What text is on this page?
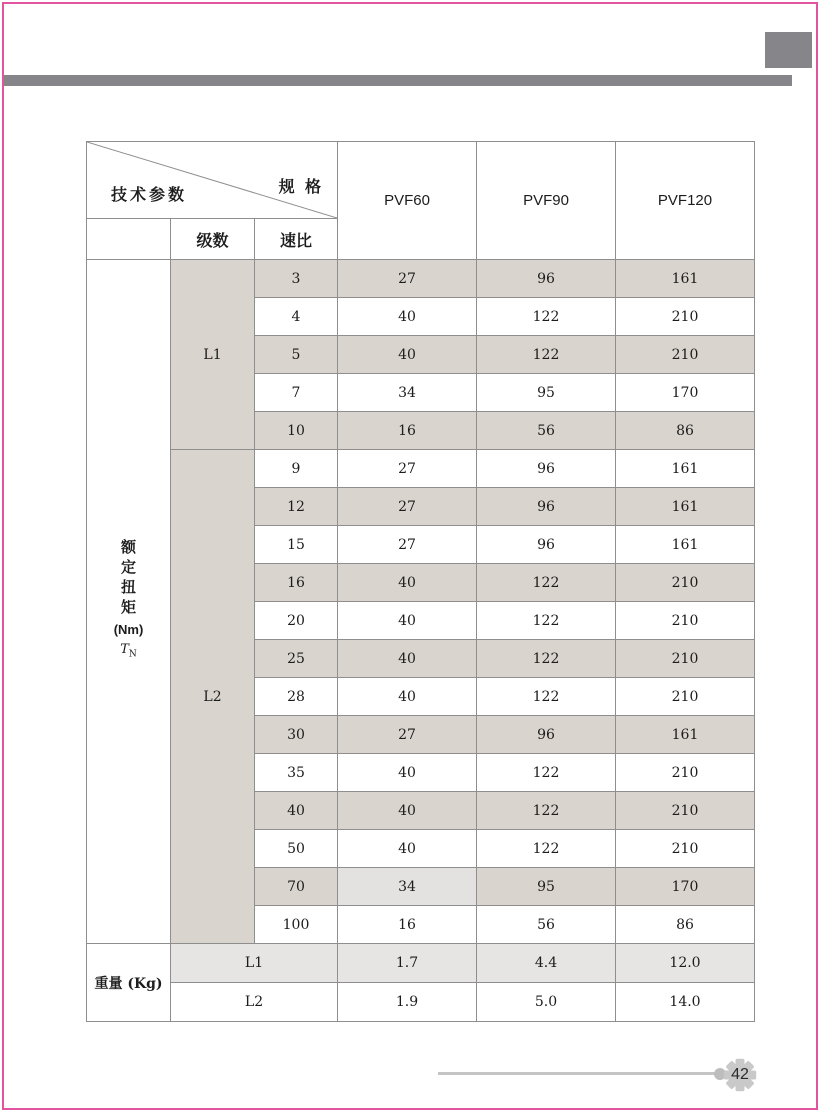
规 格
技术参数			PVF60	PVF90	PVF120
	级数	速比			

额
定
扭
矩
(Nm)
$T_N$
	L1	3	27	96	161
		4	40	122	210
		5	40	122	210
		7	34	95	170
		10	16	56	86
	L2	9	27	96	161
		12	27	96	161
		15	27	96	161
		16	40	122	210
		20	40	122	210
		25	40	122	210
		28	40	122	210
		30	27	96	161
		35	40	122	210
		40	40	122	210
		50	40	122	210
		70	34	95	170
		100	16	56	86
重量 (Kg)	L1		1.7	4.4	12.0
	L2		1.9	5.0	14.0
42
